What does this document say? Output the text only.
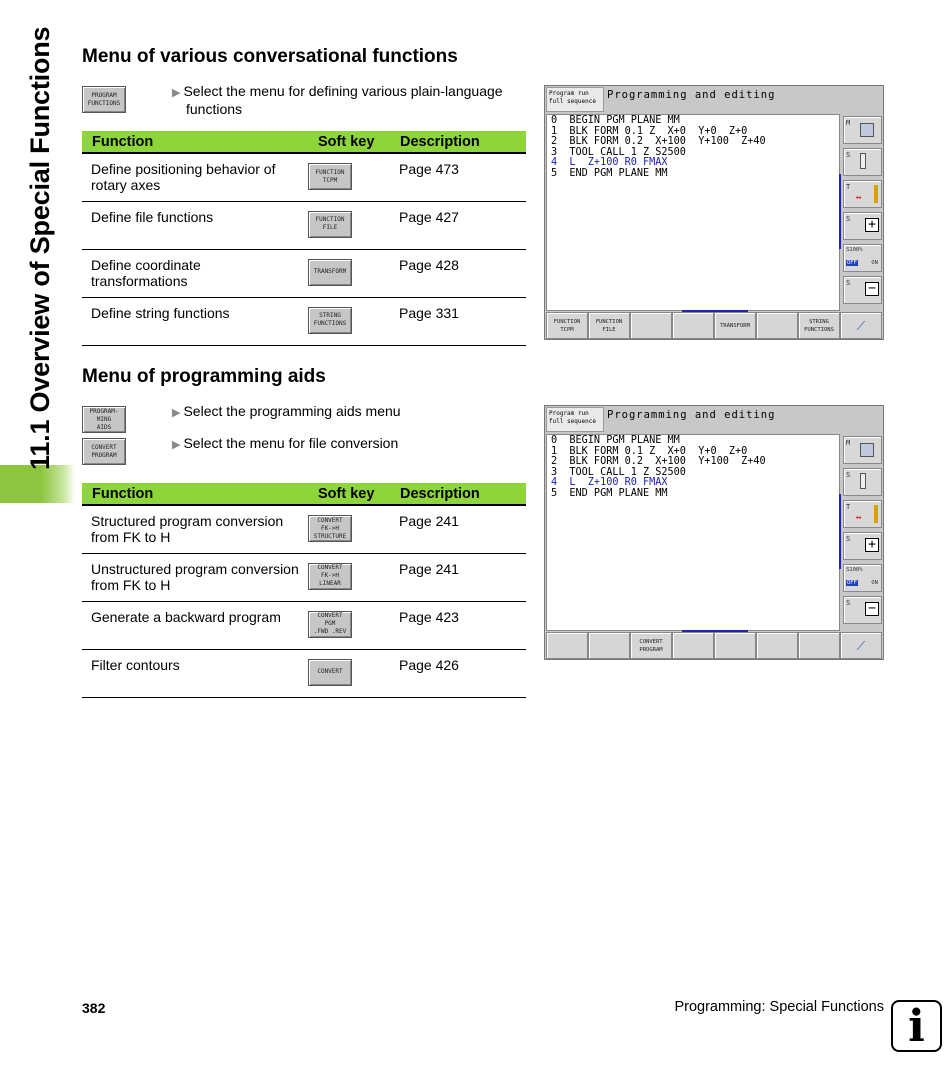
11.1 Overview of Special Functions Menu of various conversational functions
PROGRAM
FUNCTIONS
▶ Select the menu for defining various plain-language
functions
Function	Soft key	Description
Define positioning behavior of rotary axes	FUNCTION
TCPM	Page 473
Define file functions	FUNCTION
FILE	Page 427
Define coordinate transformations	TRANSFORM	Page 428
Define string functions	STRING
FUNCTIONS	Page 331
Program run
full sequence
Programming and editing
0  BEGIN PGM PLANE MM
1  BLK FORM 0.1 Z  X+0  Y+0  Z+0
2  BLK FORM 0.2  X+100  Y+100  Z+40
3  TOOL CALL 1 Z S2500
4  L  Z+100 R0 FMAX
5  END PGM PLANE MM
M
S
T
↔
S +
S100%
OFF	ON
S −
FUNCTION
TCPM
FUNCTION
FILE
TRANSFORM
STRING
FUNCTIONS	⟋
Menu of programming aids
PROGRAM-
MING
AIDS
CONVERT
PROGRAM
▶ Select the programming aids menu
▶ Select the menu for file conversion
Function	Soft key	Description
Structured program conversion from FK to H	CONVERT
FK->H
STRUCTURE	Page 241
Unstructured program conversion from FK to H	CONVERT
FK->H
LINEAR	Page 241
Generate a backward program	CONVERT
PGM
.FWD .REV	Page 423
Filter contours	CONVERT	Page 426
Program run
full sequence
Programming and editing
0  BEGIN PGM PLANE MM
1  BLK FORM 0.1 Z  X+0  Y+0  Z+0
2  BLK FORM 0.2  X+100  Y+100  Z+40
3  TOOL CALL 1 Z S2500
4  L  Z+100 R0 FMAX
5  END PGM PLANE MM
M
S
T
↔
S +
S100%
OFF	ON
S −
CONVERT
PROGRAM	⟋
382	Programming: Special Functions i
